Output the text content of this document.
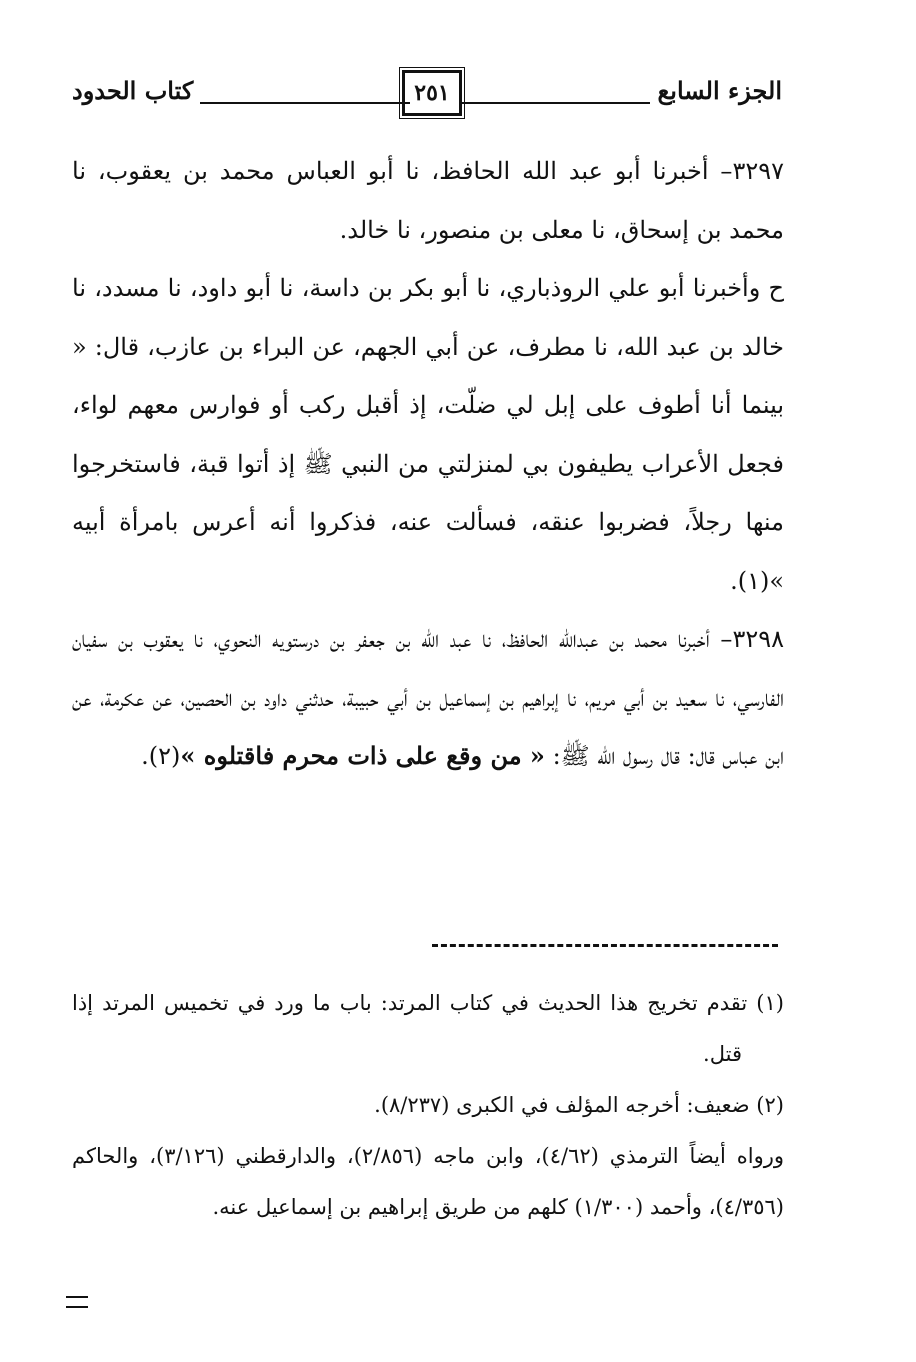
الجزء السابع
٢٥١
كتاب الحدود

٣٢٩٧– أخبرنا أبو عبد الله الحافظ، نا أبو العباس محمد بن يعقوب، نا محمد بن إسحاق، نا معلى بن منصور، نا خالد.

ح وأخبرنا أبو علي الروذباري، نا أبو بكر بن داسة، نا أبو داود، نا مسدد، نا خالد بن عبد الله، نا مطرف، عن أبي الجهم، عن البراء بن عازب، قال: « بينما أنا أطوف على إبل لي ضلّت، إذ أقبل ركب أو فوارس معهم لواء، فجعل الأعراب يطيفون بي لمنزلتي من النبي ﷺ إذ أتوا قبة، فاستخرجوا منها رجلاً، فضربوا عنقه، فسألت عنه، فذكروا أنه أعرس بامرأة أبيه »(١).

٣٢٩٨– أخبرنا محمد بن عبدالله الحافظ، نا عبد الله بن جعفر بن درستويه النحوي، نا يعقوب بن سفيان الفارسي، نا سعيد بن أبي مريم، نا إبراهيم بن إسماعيل بن أبي حبيبة، حدثني داود بن الحصين، عن عكرمة، عن ابن عباس قال: قال رسول الله ﷺ: « من وقع على ذات محرم فاقتلوه »(٢).

(١) تقدم تخريج هذا الحديث في كتاب المرتد: باب ما ورد في تخميس المرتد إذا قتل.

(٢) ضعيف: أخرجه المؤلف في الكبرى (٨/٢٣٧).

ورواه أيضاً الترمذي (٤/٦٢)، وابن ماجه (٢/٨٥٦)، والدارقطني (٣/١٢٦)، والحاكم (٤/٣٥٦)، وأحمد (١/٣٠٠) كلهم من طريق إبراهيم بن إسماعيل عنه.
